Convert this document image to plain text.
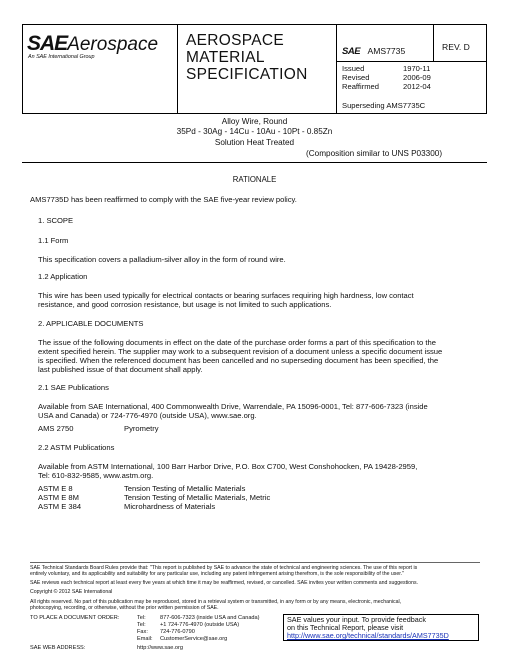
SAEAerospace
An SAE International Group
AEROSPACE
MATERIAL
SPECIFICATION
SAE AMS7735	REV. D
Issued	1970-11
Revised	2006-09
Reaffirmed	2012-04
Superseding AMS7735C
Alloy Wire, Round
35Pd - 30Ag - 14Cu - 10Au - 10Pt - 0.85Zn
Solution Heat Treated
(Composition similar to UNS P03300)
RATIONALE
AMS7735D has been reaffirmed to comply with the SAE five-year review policy.
1. SCOPE
1.1 Form
This specification covers a palladium-silver alloy in the form of round wire.
1.2 Application
This wire has been used typically for electrical contacts or bearing surfaces requiring high hardness, low contact
resistance, and good corrosion resistance, but usage is not limited to such applications.
2. APPLICABLE DOCUMENTS
The issue of the following documents in effect on the date of the purchase order forms a part of this specification to the
extent specified herein. The supplier may work to a subsequent revision of a document unless a specific document issue
is specified. When the referenced document has been cancelled and no superseding document has been specified, the
last published issue of that document shall apply.
2.1 SAE Publications
Available from SAE International, 400 Commonwealth Drive, Warrendale, PA 15096-0001, Tel: 877-606-7323 (inside
USA and Canada) or 724-776-4970 (outside USA), www.sae.org.
AMS 2750	Pyrometry
2.2 ASTM Publications
Available from ASTM International, 100 Barr Harbor Drive, P.O. Box C700, West Conshohocken, PA 19428-2959,
Tel: 610-832-9585, www.astm.org.
ASTM E 8	Tension Testing of Metallic Materials
ASTM E 8M	Tension Testing of Metallic Materials, Metric
ASTM E 384	Microhardness of Materials
SAE Technical Standards Board Rules provide that: "This report is published by SAE to advance the state of technical and engineering sciences. The use of this report is
entirely voluntary, and its applicability and suitability for any particular use, including any patent infringement arising therefrom, is the sole responsibility of the user."
SAE reviews each technical report at least every five years at which time it may be reaffirmed, revised, or cancelled. SAE invites your written comments and suggestions.
Copyright © 2012 SAE International
All rights reserved. No part of this publication may be reproduced, stored in a retrieval system or transmitted, in any form or by any means, electronic, mechanical,
photocopying, recording, or otherwise, without the prior written permission of SAE.
TO PLACE A DOCUMENT ORDER:	Tel:	877-606-7323 (inside USA and Canada)
Tel:	+1 724-776-4970 (outside USA)
Fax: 724-776-0790
Email: CustomerService@sae.org
SAE WEB ADDRESS:	http://www.sae.org
SAE values your input. To provide feedback
on this Technical Report, please visit
http://www.sae.org/technical/standards/AMS7735D
